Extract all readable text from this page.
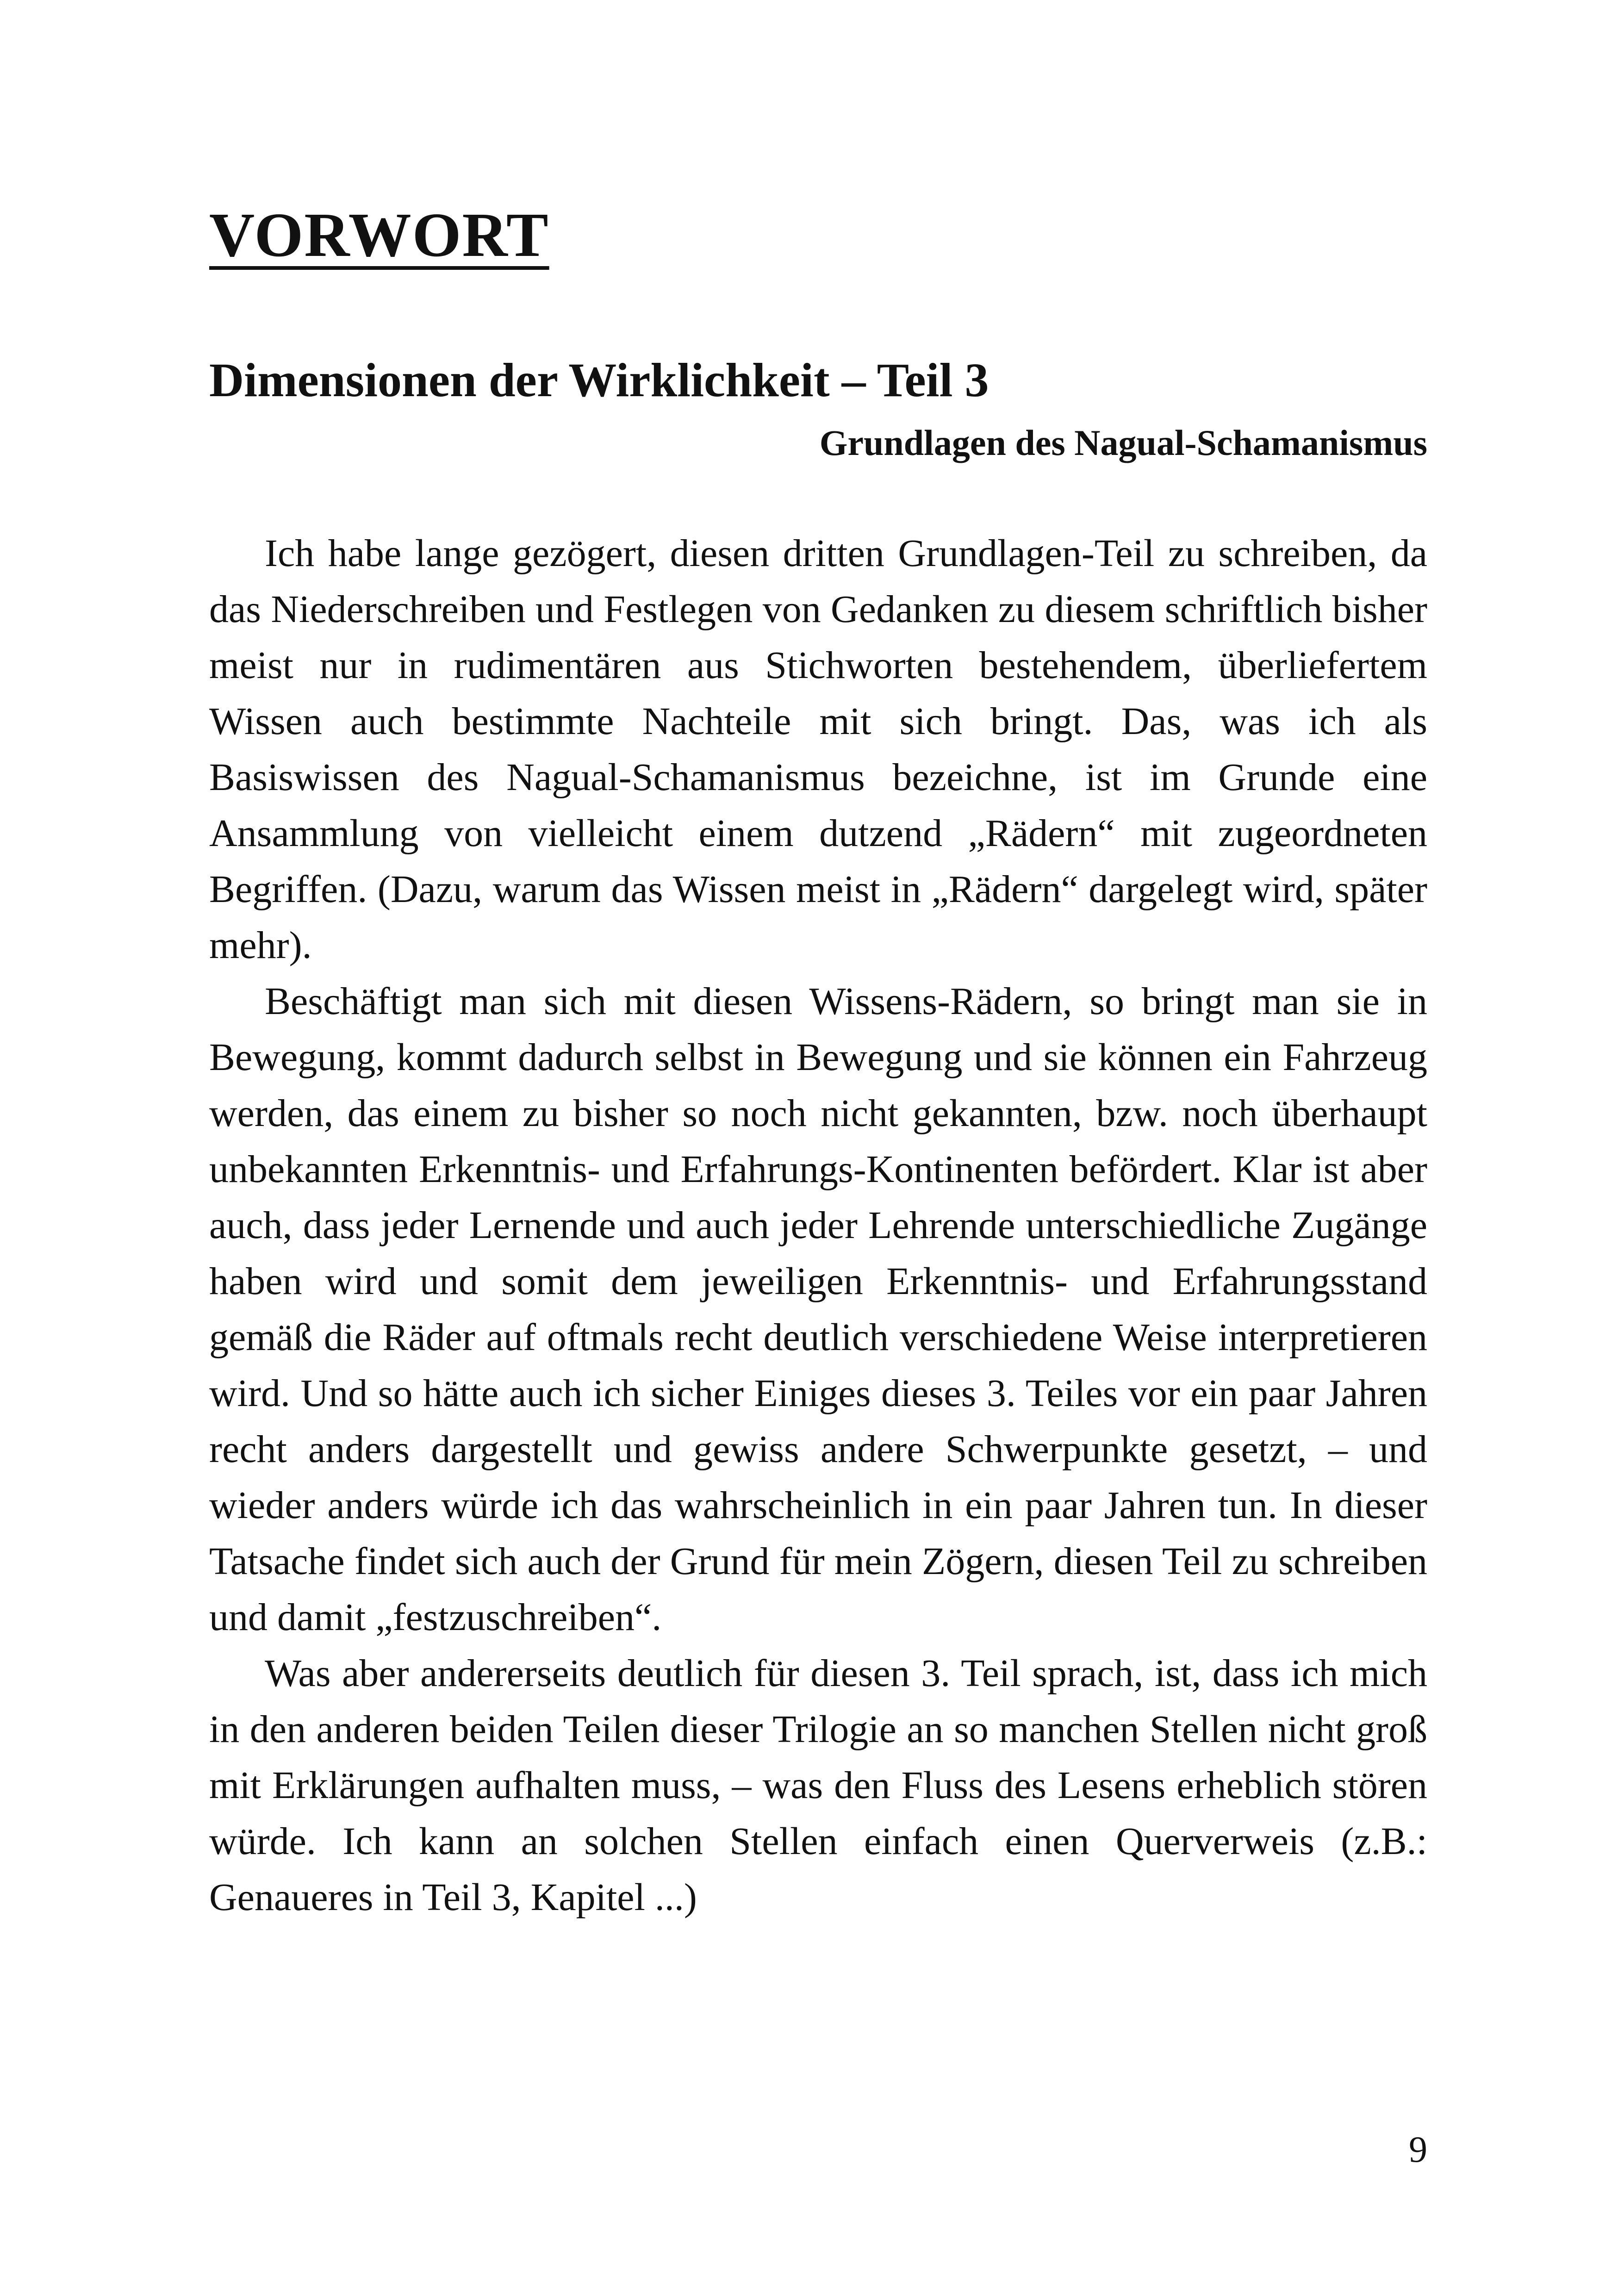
VORWORT
Dimensionen der Wirklichkeit – Teil 3
Grundlagen des Nagual-Schamanismus

Ich habe lange gezögert, diesen dritten Grundlagen-Teil zu schreiben, da das Niederschreiben und Festlegen von Gedanken zu diesem schriftlich bisher meist nur in rudimentären aus Stichworten bestehendem, überliefertem Wissen auch bestimmte Nachteile mit sich bringt. Das, was ich als Basiswissen des Nagual-Schamanismus bezeichne, ist im Grunde eine Ansammlung von vielleicht einem dutzend „Rädern“ mit zugeordneten Begriffen. (Dazu, warum das Wissen meist in „Rädern“ dargelegt wird, später mehr).

Beschäftigt man sich mit diesen Wissens-Rädern, so bringt man sie in Bewegung, kommt dadurch selbst in Bewegung und sie können ein Fahrzeug werden, das einem zu bisher so noch nicht gekannten, bzw. noch überhaupt unbekannten Erkenntnis- und Erfahrungs-Kontinenten befördert. Klar ist aber auch, dass jeder Lernende und auch jeder Lehrende unterschiedliche Zugänge haben wird und somit dem jeweiligen Erkenntnis- und Erfahrungsstand gemäß die Räder auf oftmals recht deutlich verschiedene Weise interpretieren wird. Und so hätte auch ich sicher Einiges dieses 3. Teiles vor ein paar Jahren recht anders dargestellt und gewiss andere Schwerpunkte gesetzt, – und wieder anders würde ich das wahrscheinlich in ein paar Jahren tun. In dieser Tatsache findet sich auch der Grund für mein Zögern, diesen Teil zu schreiben und damit „festzuschreiben“.

Was aber andererseits deutlich für diesen 3. Teil sprach, ist, dass ich mich in den anderen beiden Teilen dieser Trilogie an so manchen Stellen nicht groß mit Erklärungen aufhalten muss, – was den Fluss des Lesens erheblich stören würde. Ich kann an solchen Stellen einfach einen Querverweis (z.B.: Genaueres in Teil 3, Kapitel ...)

9
